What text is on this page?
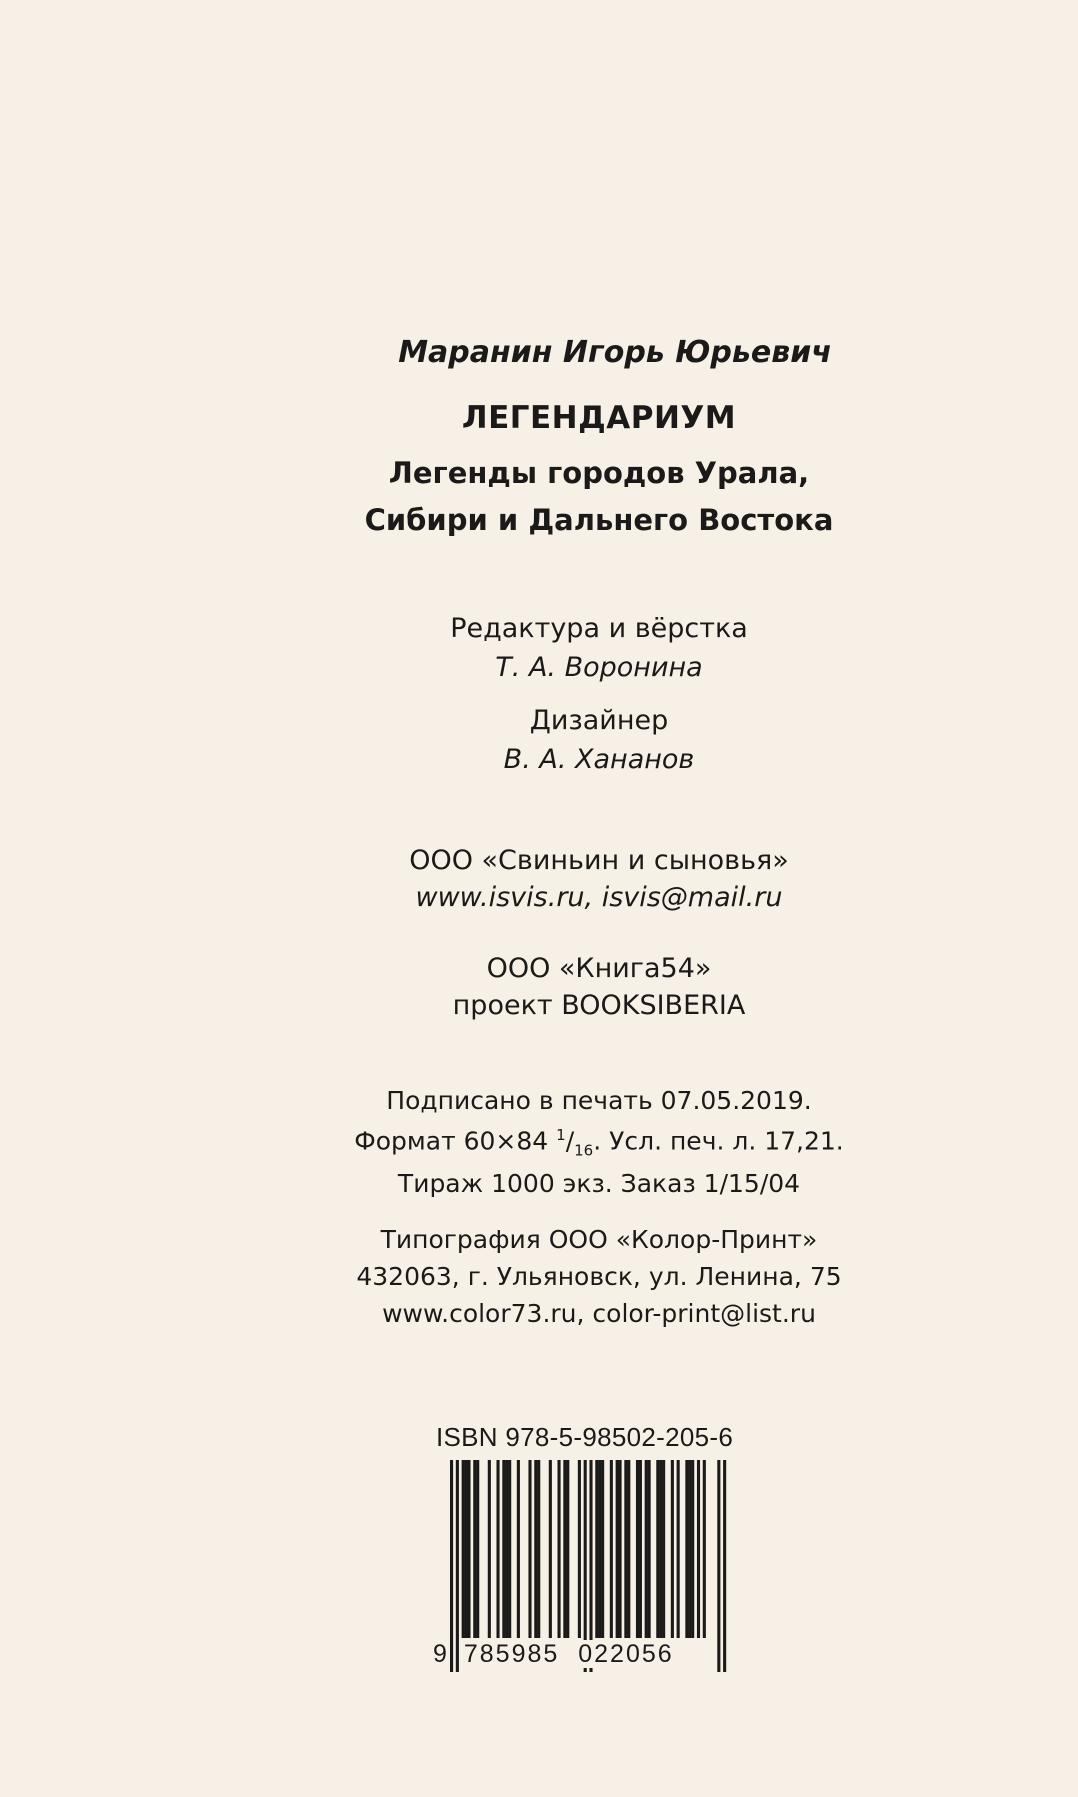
Маранин Игорь Юрьевич
ЛЕГЕНДАРИУМ
Легенды городов Урала,
Сибири и Дальнего Востока
Редактура и вёрстка
Т. А. Воронина
Дизайнер
В. А. Хананов
ООО «Свиньин и сыновья»
www.isvis.ru, isvis@mail.ru
ООО «Книга54»
проект BOOKSIBERIA
Подписано в печать 07.05.2019.
Формат 60×84 $^1/_{16}$. Усл. печ. л. 17,21.
Тираж 1000 экз. Заказ 1/15/04
Типография ООО «Колор-Принт»
432063, г. Ульяновск, ул. Ленина, 75
www.color73.ru, color-print@list.ru
ISBN 978-5-98502-205-6
9 785985 022056
